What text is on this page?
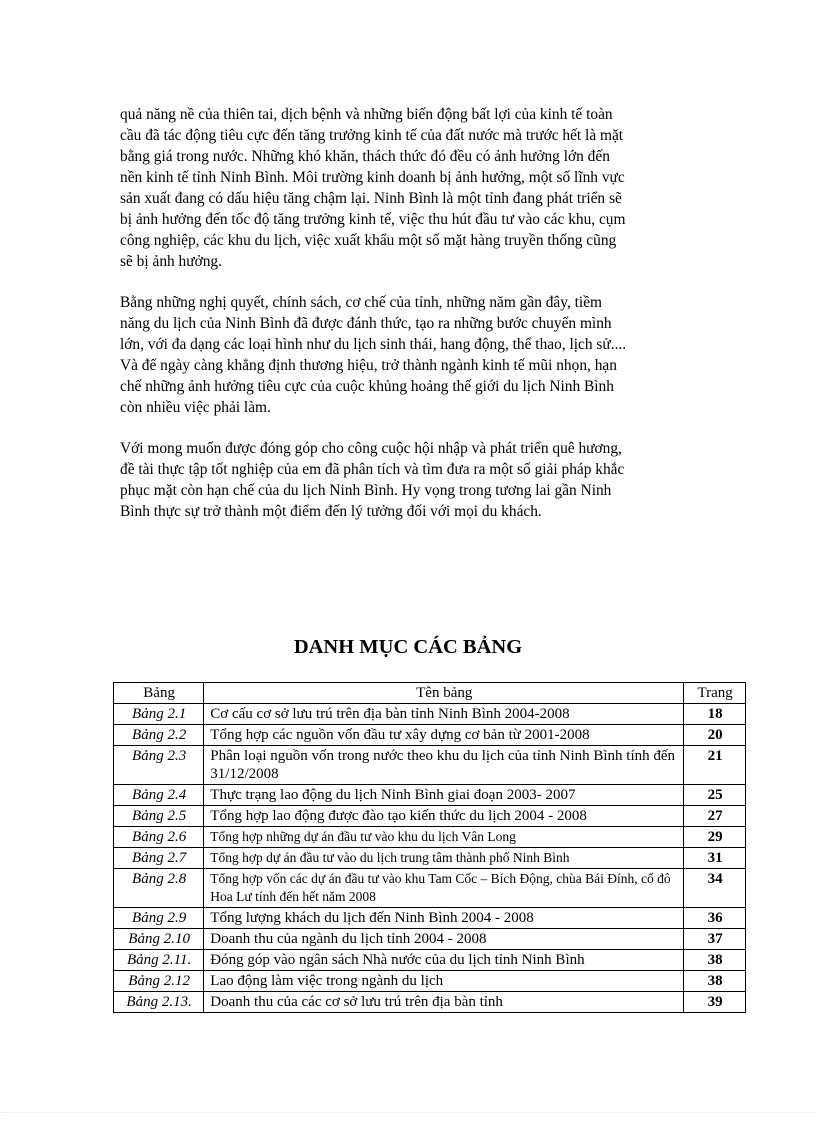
quả năng nề của thiên tai, dịch bệnh và những biến động bất lợi của kinh tế toàn
cầu đã tác động tiêu cực đến tăng trưởng kinh tế của đất nước mà trước hết là mặt
bằng giá trong nước. Những khó khăn, thách thức đó đều có ảnh hưởng lớn đến
nền kinh tế tỉnh Ninh Bình. Môi trường kinh doanh bị ảnh hưởng, một số lĩnh vực
sản xuất đang có dấu hiệu tăng chậm lại. Ninh Bình là một tỉnh đang phát triển sẽ
bị ảnh hưởng đến tốc độ tăng trưởng kinh tế, việc thu hút đầu tư vào các khu, cụm
công nghiệp, các khu du lịch, việc xuất khẩu một số mặt hàng truyền thống cũng
sẽ bị ảnh hưởng.
Bằng những nghị quyết, chính sách, cơ chế của tỉnh, những năm gần đây, tiềm
năng du lịch của Ninh Bình đã được đánh thức, tạo ra những bước chuyển mình
lớn, với đa dạng các loại hình như du lịch sinh thái, hang động, thể thao, lịch sử....
Và để ngày càng khẳng định thương hiệu, trở thành ngành kinh tế mũi nhọn, hạn
chế những ảnh hưởng tiêu cực của cuộc khủng hoảng thế giới du lịch Ninh Bình
còn nhiều việc phải làm.
Với mong muốn được đóng góp cho công cuộc hội nhập và phát triển quê hương,
đề tài thực tập tốt nghiệp của em đã phân tích và tìm đưa ra một số giải pháp khắc
phục mặt còn hạn chế của du lịch Ninh Bình. Hy vọng trong tương lai gần Ninh
Bình thực sự trở thành một điểm đến lý tưởng đối với mọi du khách.
DANH MỤC CÁC BẢNG
Bảng	Tên bảng	Trang
Bảng 2.1	Cơ cấu cơ sở lưu trú trên địa bàn tỉnh Ninh Bình 2004-2008	18
Bảng 2.2	Tổng hợp các nguồn vốn đầu tư xây dựng cơ bản từ 2001-2008	20
Bảng 2.3	Phân loại nguồn vốn trong nước theo khu du lịch của tỉnh Ninh Bình tính đến 31/12/2008	21
Bảng 2.4	Thực trạng lao động du lịch Ninh Bình giai đoạn 2003- 2007	25
Bảng 2.5	Tổng hợp lao động được đào tạo kiến thức du lịch 2004 - 2008	27
Bảng 2.6	Tổng hợp những dự án đầu tư vào khu du lịch Vân Long	29
Bảng 2.7	Tổng hợp dự án đầu tư vào du lịch trung tâm thành phố Ninh Bình	31
Bảng 2.8	Tổng hợp vốn các dự án đầu tư vào khu Tam Cốc – Bích Động, chùa Bái Đính, cố đô Hoa Lư tính đến hết năm 2008	34
Bảng 2.9	Tổng lượng khách du lịch đến Ninh Bình 2004 - 2008	36
Bảng 2.10	Doanh thu của ngành du lịch tỉnh 2004 - 2008	37
Bảng 2.11.	Đóng góp vào ngân sách Nhà nước của du lịch tỉnh Ninh Bình	38
Bảng 2.12	Lao động làm việc trong ngành du lịch	38
Bảng 2.13.	Doanh thu của các cơ sở lưu trú trên địa bàn tỉnh	39
